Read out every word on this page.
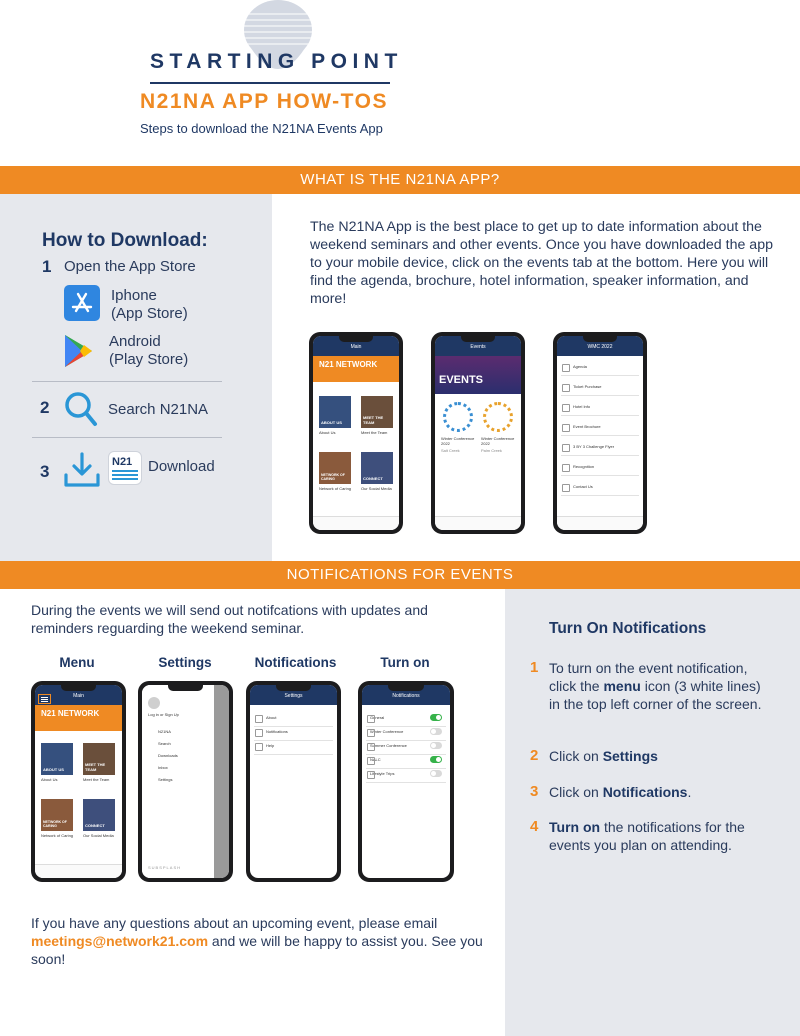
STARTING POINT
N21NA APP HOW-TOS
Steps to download the N21NA Events App
WHAT IS THE N21NA APP?
How to Download:
1 Open the App Store
Iphone
(App Store)
Android
(Play Store)
2	Search N21NA
3	N21 Download
The N21NA App is the best place to get up to date information about the weekend seminars and other events. Once you have downloaded the app to your mobile device, click on the events tab at the bottom. Here you will find the agenda, brochure, hotel information, speaker information, and more!
Main
N21 NETWORK
ABOUT US
MEET THE TEAM
About Us	Meet the Team
NETWORK OF CARING	CONNECT
Network of Caring Our Social Media
Events
EVENTS
Winter Conference 2022
Winter Conference 2022
Salt Creek	Palm Creek
WMC 2022
Agenda
Ticket Purchase
Hotel Info
Event Brochure
3 BY 3 Challenge Flyer
Recognition
Contact Us
NOTIFICATIONS FOR EVENTS
During the events we will send out notifcations with updates and reminders reguarding the weekend seminar.
Menu	Settings	Notifications	Turn on
Main
N21 NETWORK
ABOUT US
MEET THE TEAM
About Us	Meet the Team
NETWORK OF CARING	CONNECT
Network of Caring Our Social Media
Log in or Sign Up
N21NA
Search
Downloads
Inbox
Settings
SUBSPLASH
Settings
About
Notifications
Help
Notifications
General
Winter Conference
Summer Conference
NALC
Lifestyle Trips
Turn On Notifications
1 To turn on the event notification, click the menu icon (3 white lines) in the top left corner of the screen.
2 Click on Settings
3 Click on Notifications.
4 Turn on the notifications for the events you plan on attending.
If you have any questions about an upcoming event, please email meetings@network21.com and we will be happy to assist you. See you soon!
